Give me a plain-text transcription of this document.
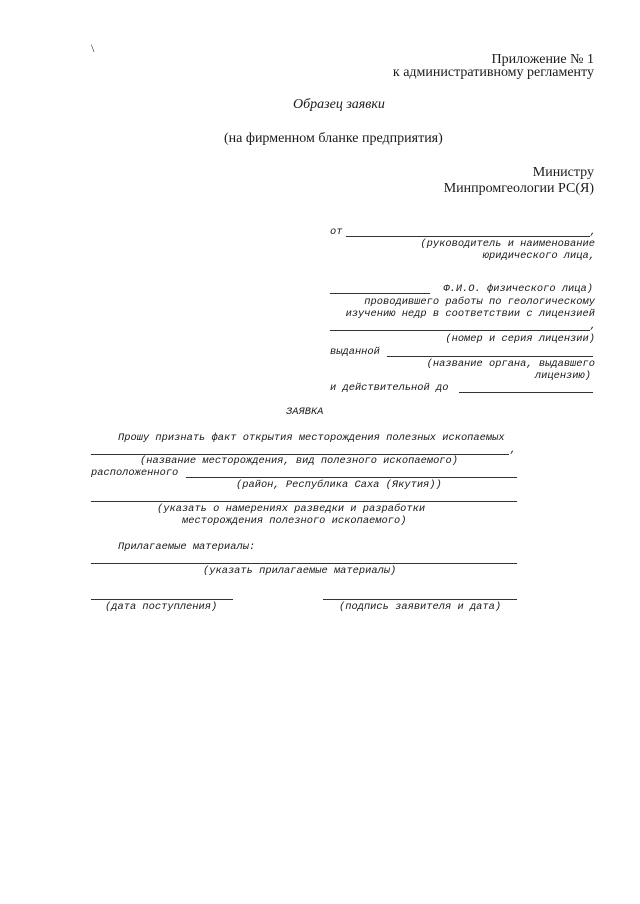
\
Приложение № 1
к административному регламенту
Образец заявки
(на фирменном бланке предприятия)
Министру
Минпромгеологии РС(Я)
от	,
(руководитель и наименование
юридического лица,
Ф.И.О. физического лица)
проводившего работы по геологическому
изучению недр в соответствии с лицензией
,
(номер и серия лицензии)
выданной
(название органа, выдавшего
лицензию)
и действительной до
ЗАЯВКА
Прошу признать факт открытия месторождения полезных ископаемых
,
(название месторождения, вид полезного ископаемого)
расположенного
(район, Республика Саха (Якутия))
(указать о намерениях разведки и разработки
месторождения полезного ископаемого)
Прилагаемые материалы:
(указать прилагаемые материалы)
(дата поступления)	(подпись заявителя и дата)
